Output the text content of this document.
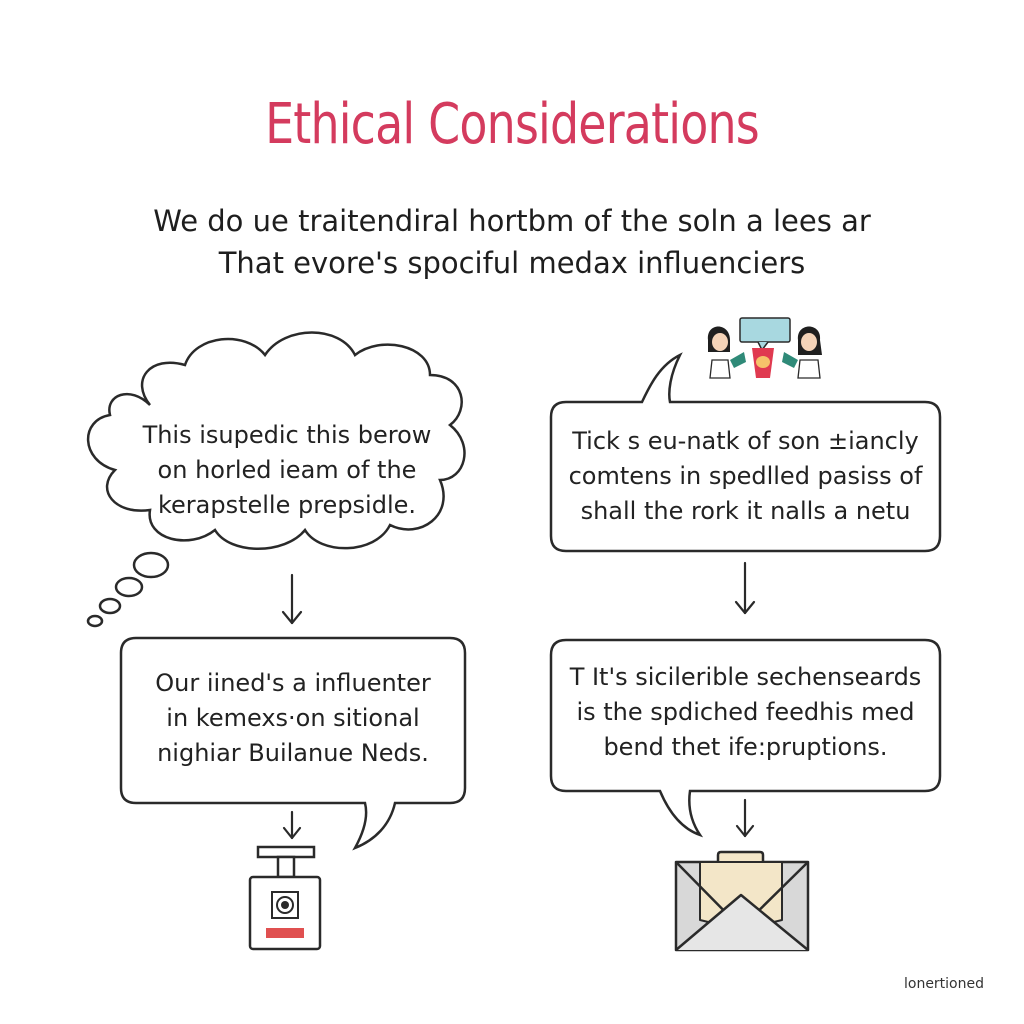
Ethical Considerations
We do ue traitendiral hortbm of the soln a lees ar
That evore's spociful medax influenciers
This isupedic this berow
on horled ieam of the
kerapstelle prepsidle.
Tick s eu-natk of son ±iancly
comtens in spedlled pasiss of
shall the rork it nalls a netu
Our iined's a influenter
in kemexs·on sitional
nighiar Builanue Neds.
T It's sicilerible sechenseards
is the spdiched feedhis med
bend thet ife:pruptions.
lonertioned
